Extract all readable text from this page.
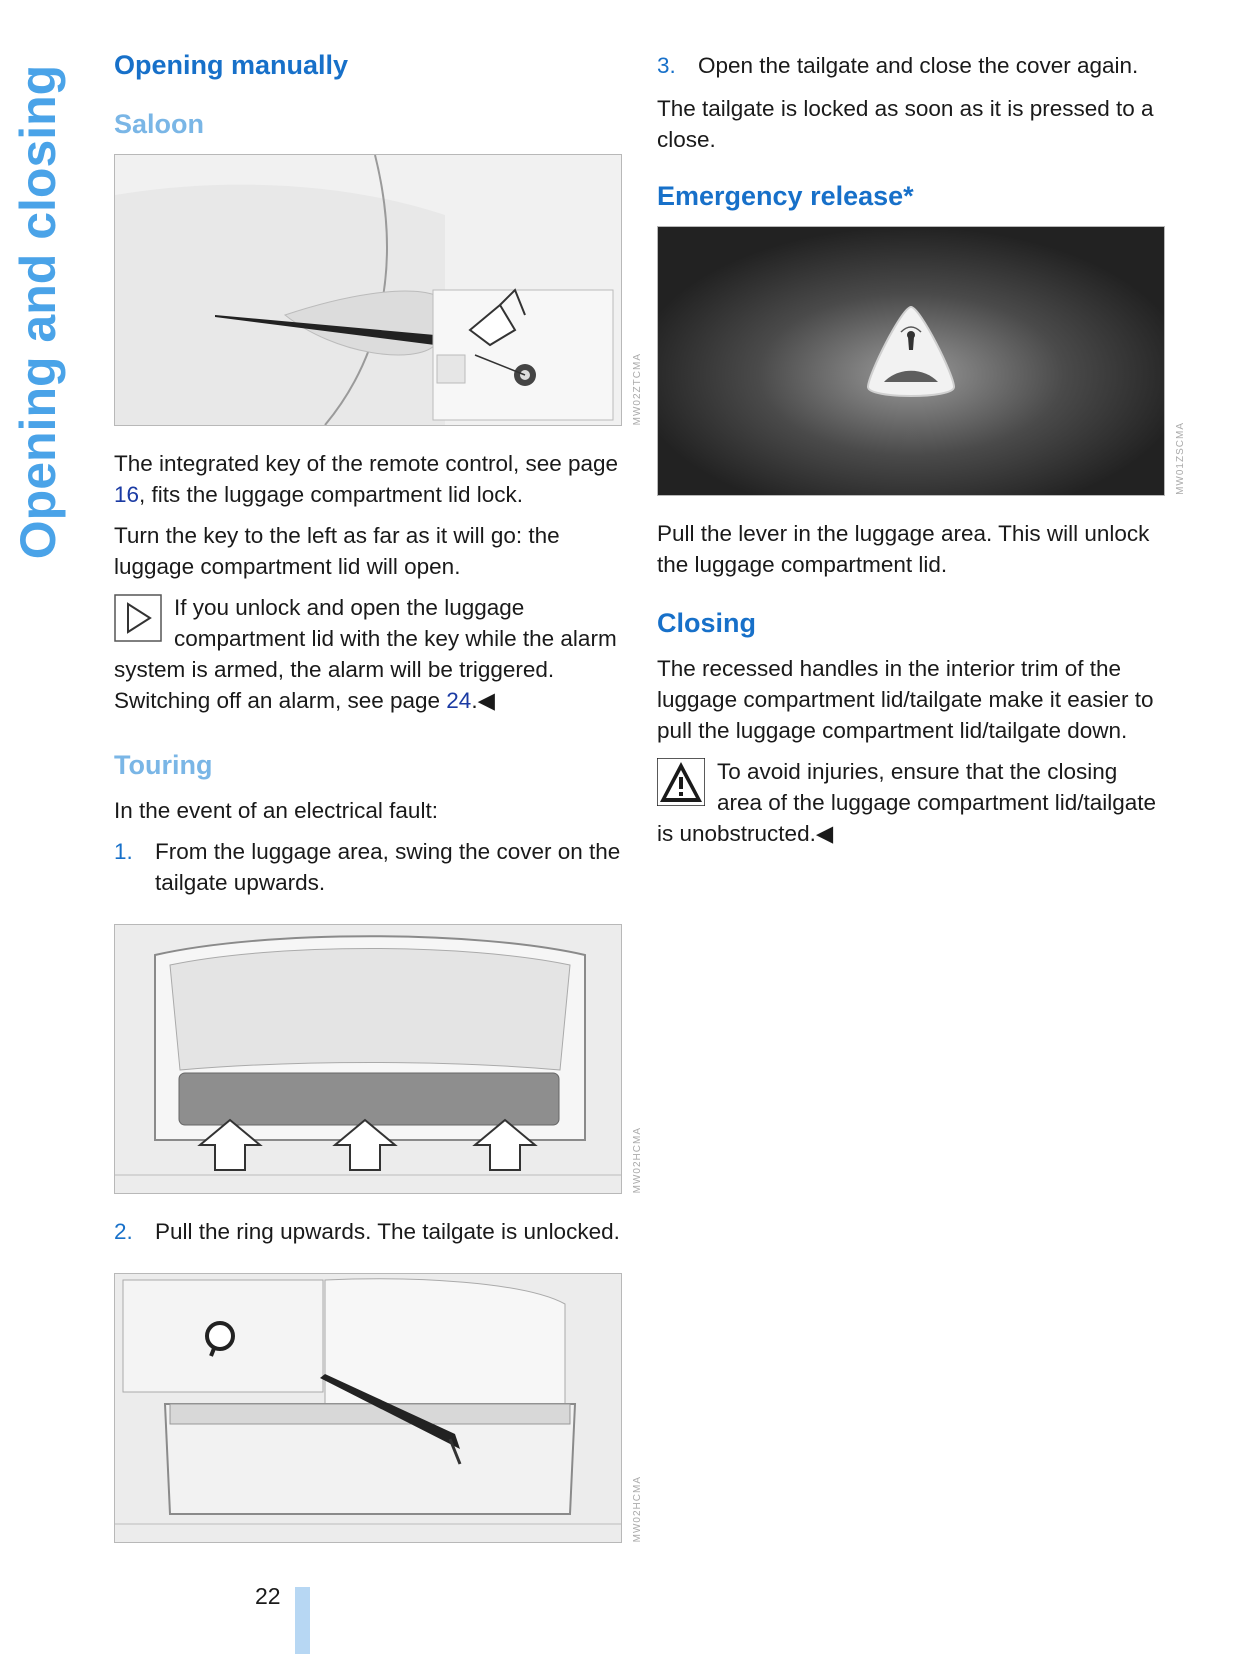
Opening and closing Opening manually
Saloon
MW02ZTCMA

The integrated key of the remote control, see page 16, fits the luggage compartment lid lock.

Turn the key to the left as far as it will go: the luggage compartment lid will open.

If you unlock and open the luggage compartment lid with the key while the alarm system is armed, the alarm will be triggered. Switching off an alarm, see page 24.◀

Touring

In the event of an electrical fault:

1. From the luggage area, swing the cover on the tailgate upwards.
MW02HCMA
2. Pull the ring upwards. The tailgate is unlocked.
MW02HCMA
3. Open the tailgate and close the cover again.

The tailgate is locked as soon as it is pressed to a close.

Emergency release*
MW01ZSCMA

Pull the lever in the luggage area. This will unlock the luggage compartment lid.

Closing

The recessed handles in the interior trim of the luggage compartment lid/tailgate make it easier to pull the luggage compartment lid/tailgate down.

To avoid injuries, ensure that the closing area of the luggage compartment lid/tailgate is unobstructed.◀

22
